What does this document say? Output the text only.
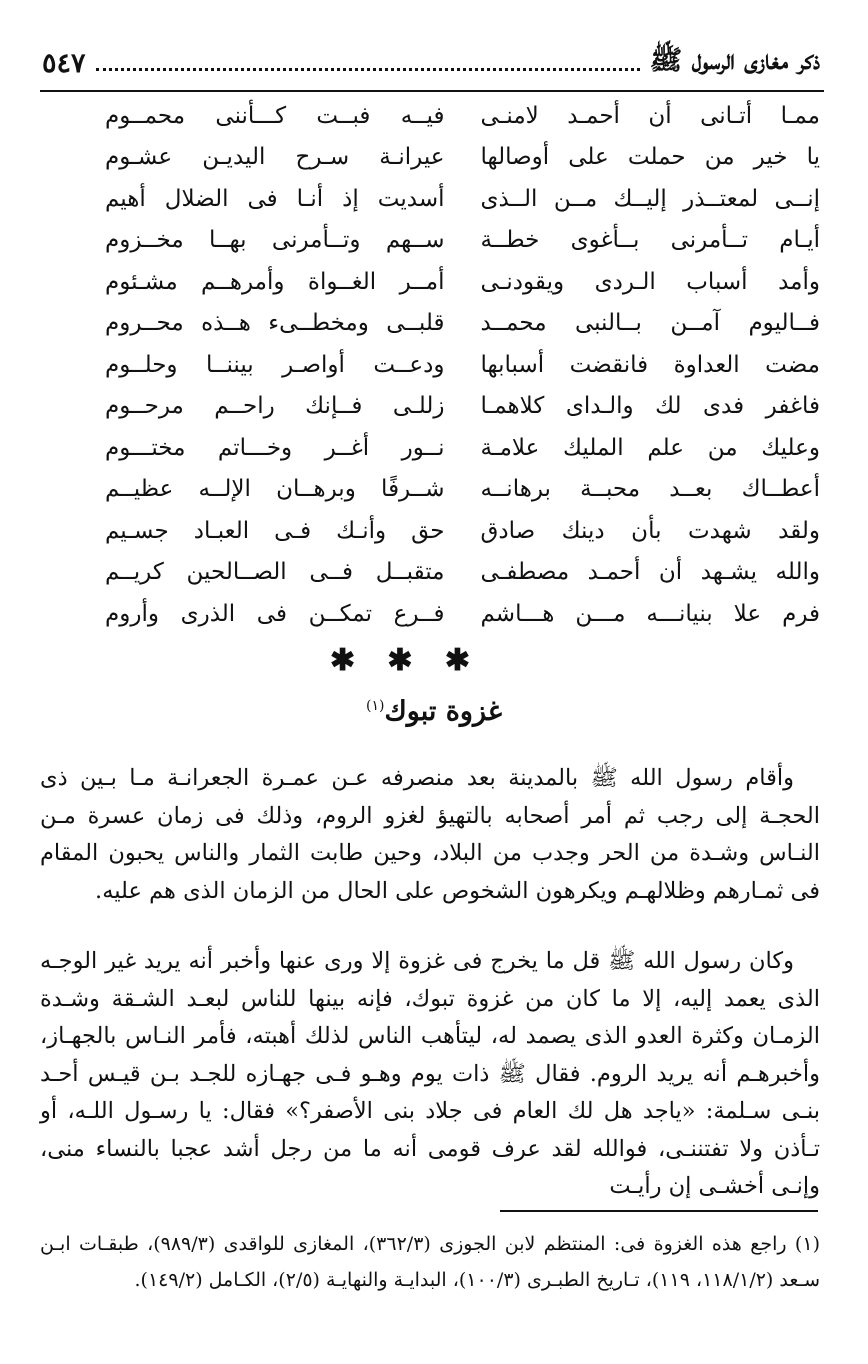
ذكر مغازى الرسول ﷺ
٥٤٧
ممـا أتـانى أن أحمـد لامنـى
فيــه فبــت كـــأننى محمــوم
يا خير من حملت على أوصالها
عيرانـة سـرح اليديـن عشـوم
إنــى لمعتــذر إليــك مــن الــذى
أسديت إذ أنـا فى الضلال أهيم
أيـام تــأمرنى بــأغوى خطــة
ســهم وتــأمرنى بهــا مخــزوم
وأمد أسباب الـردى ويقودنـى
أمــر الغــواة وأمرهــم مشـئوم
فــاليوم آمــن بــالنبى محمــد
قلبــى ومخطــىء هــذه محــروم
مضت العداوة فانقضت أسبابها
ودعــت أواصـر بيننــا وحلــوم
فاغفر فدى لك والـداى كلاهمـا
زللـى فــإنك راحــم مرحــوم
وعليك من علم المليك علامـة
نــور أغــر وخـــاتم مختـــوم
أعطــاك بعــد محبــة برهانــه
شــرفًا وبرهــان الإلــه عظيــم
ولقد شهدت بأن دينك صادق
حق وأنـك فـى العبـاد جسـيم
والله يشـهد أن أحمـد مصطفـى
متقبــل فــى الصــالحين كريــم
فرم علا بنيانـــه مـــن هـــاشم
فــرع تمكــن فى الذرى وأروم
✱ ✱ ✱
غزوة تبوك$^{(١)}$
وأقام رسول الله ﷺ بالمدينة بعد منصرفه عـن عمـرة الجعرانـة مـا بـين ذى الحجـة إلى رجب ثم أمر أصحابه بالتهيؤ لغزو الروم، وذلك فى زمان عسرة مـن النـاس وشـدة من الحر وجدب من البلاد، وحين طابت الثمار والناس يحبون المقام فى ثمـارهم وظلالهـم ويكرهون الشخوص على الحال من الزمان الذى هم عليه.
وكان رسول الله ﷺ قل ما يخرج فى غزوة إلا ورى عنها وأخبر أنه يريد غير الوجـه الذى يعمد إليه، إلا ما كان من غزوة تبوك، فإنه بينها للناس لبعـد الشـقة وشـدة الزمـان وكثرة العدو الذى يصمد له، ليتأهب الناس لذلك أهبته، فأمر النـاس بالجهـاز، وأخبرهـم أنه يريد الروم. فقال ﷺ ذات يوم وهـو فـى جهـازه للجـد بـن قيـس أحـد بنـى سـلمة: «ياجد هل لك العام فى جلاد بنى الأصفر؟» فقال: يا رسـول اللـه، أو تـأذن ولا تفتننـى، فوالله لقد عرف قومى أنه ما من رجل أشد عجبا بالنساء منى، وإنـى أخشـى إن رأيـت
(١) راجع هذه الغزوة فى: المنتظم لابن الجوزى (٣٦٢/٣)، المغازى للواقدى (٩٨٩/٣)، طبقـات ابـن سـعد (١١٨/١/٢، ١١٩)، تـاريخ الطبـرى (١٠٠/٣)، البدايـة والنهايـة (٢/٥)، الكـامل (١٤٩/٢).
